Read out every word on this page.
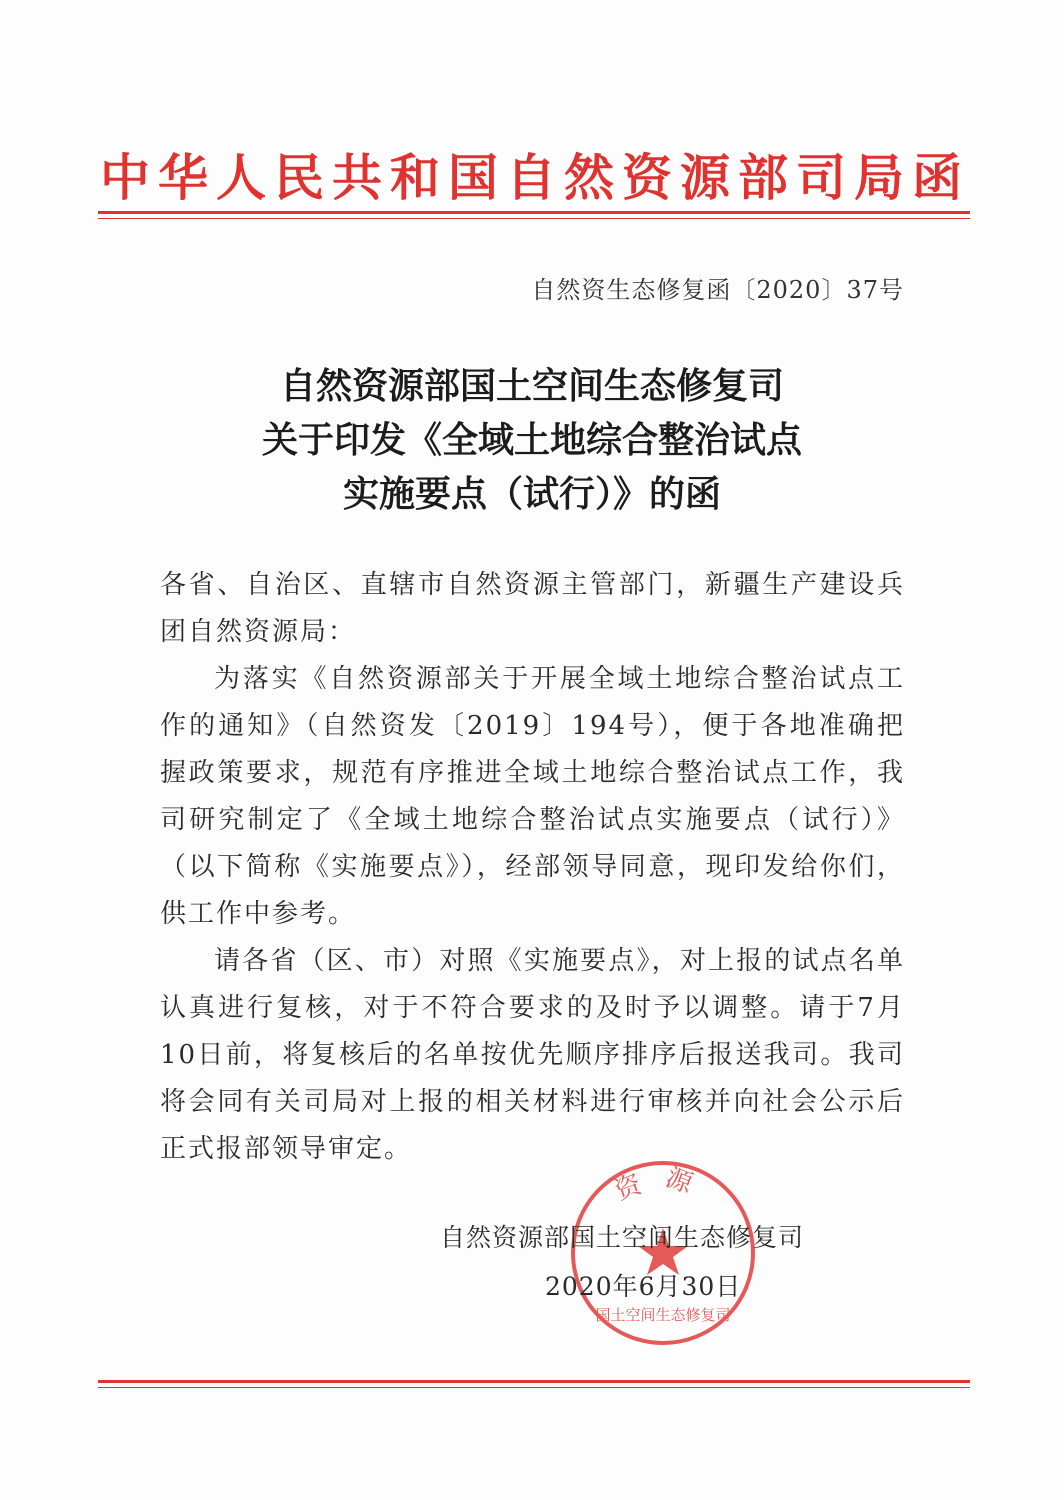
中华人民共和国自然资源部司局函
自然资生态修复函〔2020〕37号
自然资源部国土空间生态修复司
关于印发《全域土地综合整治试点
实施要点（试行）》的函
各省、自治区、直辖市自然资源主管部门，新疆生产建设兵团自然资源局：
为落实《自然资源部关于开展全域土地综合整治试点工作的通知》（自然资发〔2019〕194号），便于各地准确把握政策要求，规范有序推进全域土地综合整治试点工作，我司研究制定了《全域土地综合整治试点实施要点（试行）》（以下简称《实施要点》），经部领导同意，现印发给你们，供工作中参考。
请各省（区、市）对照《实施要点》，对上报的试点名单认真进行复核，对于不符合要求的及时予以调整。请于7月10日前，将复核后的名单按优先顺序排序后报送我司。我司将会同有关司局对上报的相关材料进行审核并向社会公示后正式报部领导审定。
资源
国土空间生态修复司
自然资源部国土空间生态修复司
2020年6月30日
